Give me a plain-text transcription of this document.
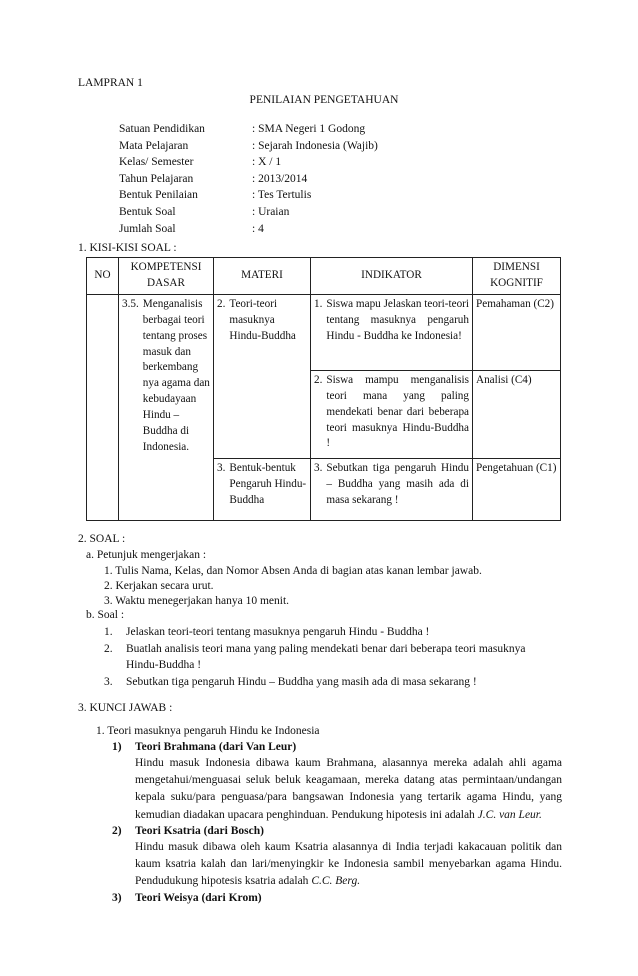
LAMPRAN 1
PENILAIAN PENGETAHUAN
Satuan Pendidikan	: SMA Negeri 1 Godong
Mata Pelajaran	: Sejarah Indonesia (Wajib)
Kelas/ Semester	: X / 1
Tahun Pelajaran	: 2013/2014
Bentuk Penilaian	: Tes Tertulis
Bentuk Soal	: Uraian
Jumlah Soal	: 4
1. KISI-KISI SOAL :
NO	KOMPETENSI DASAR	MATERI	INDIKATOR	DIMENSI KOGNITIF

	3.5. Menganalisis berbagai teori tentang proses masuk dan berkembang nya agama dan kebudayaan Hindu – Buddha di Indonesia.	2. Teori-teori masuknya Hindu-Buddha	1. Siswa mapu Jelaskan teori-teori tentang masuknya pengaruh Hindu - Buddha ke Indonesia!	Pemahaman (C2)

			2. Siswa mampu menganalisis teori mana yang paling mendekati benar dari beberapa teori masuknya Hindu-Buddha !	Analisi (C4)

		3. Bentuk-bentuk Pengaruh Hindu-Buddha	3. Sebutkan tiga pengaruh Hindu – Buddha yang masih ada di masa sekarang !	Pengetahuan (C1)
2. SOAL :
a. Petunjuk mengerjakan :
1. Tulis Nama, Kelas, dan Nomor Absen Anda di bagian atas kanan lembar jawab.
2. Kerjakan secara urut.
3. Waktu menegerjakan hanya 10 menit.
b. Soal :
1.	Jelaskan teori-teori tentang masuknya pengaruh Hindu - Buddha !
2.	Buatlah analisis teori mana yang paling mendekati benar dari beberapa teori masuknya Hindu-Buddha !
3.	Sebutkan tiga pengaruh Hindu – Buddha yang masih ada di masa sekarang !
3. KUNCI JAWAB :
1. Teori masuknya pengaruh Hindu ke Indonesia
1)	Teori Brahmana (dari Van Leur)
Hindu masuk Indonesia dibawa kaum Brahmana, alasannya mereka adalah ahli agama mengetahui/menguasai seluk beluk keagamaan, mereka datang atas permintaan/undangan kepala suku/para penguasa/para bangsawan Indonesia yang tertarik agama Hindu, yang kemudian diadakan upacara penghinduan. Pendukung hipotesis ini adalah J.C. van Leur.
2)	Teori Ksatria (dari Bosch)
Hindu masuk dibawa oleh kaum Ksatria alasannya di India terjadi kakacauan politik dan kaum ksatria kalah dan lari/menyingkir ke Indonesia sambil menyebarkan agama Hindu. Pendudukung hipotesis ksatria adalah C.C. Berg.
3)	Teori Weisya (dari Krom)
